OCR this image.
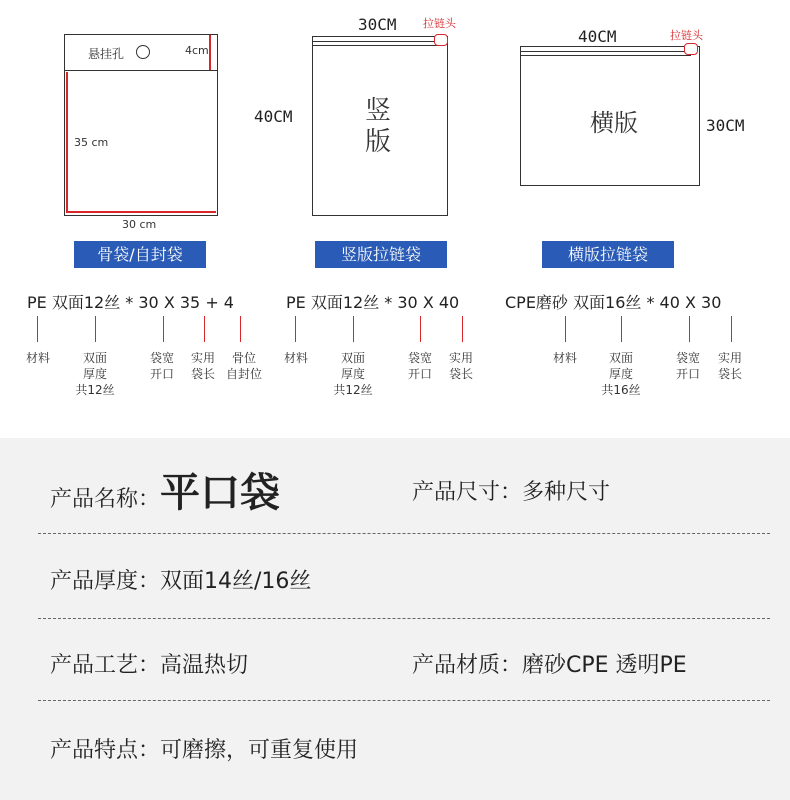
悬挂孔	4cm
35 cm
30 cm
骨袋/自封袋
30CM 拉链头
40CM	竖
版
竖版拉链袋
40CM	拉链头
横版	30CM
横版拉链袋
PE 双面12丝 * 30 X 35 + 4	PE 双面12丝 * 30 X 40	CPE磨砂 双面16丝 * 40 X 30
材料	双面
厚度
共12丝
袋宽
开口
实用
袋长
骨位
自封位
材料	双面
厚度
共12丝
袋宽
开口
实用
袋长
材料	双面
厚度
共16丝
袋宽
开口
实用
袋长
产品名称：平口袋	产品尺寸：多种尺寸
产品厚度：双面14丝/16丝
产品工艺：高温热切	产品材质：磨砂CPE 透明PE
产品特点：可磨擦，可重复使用
